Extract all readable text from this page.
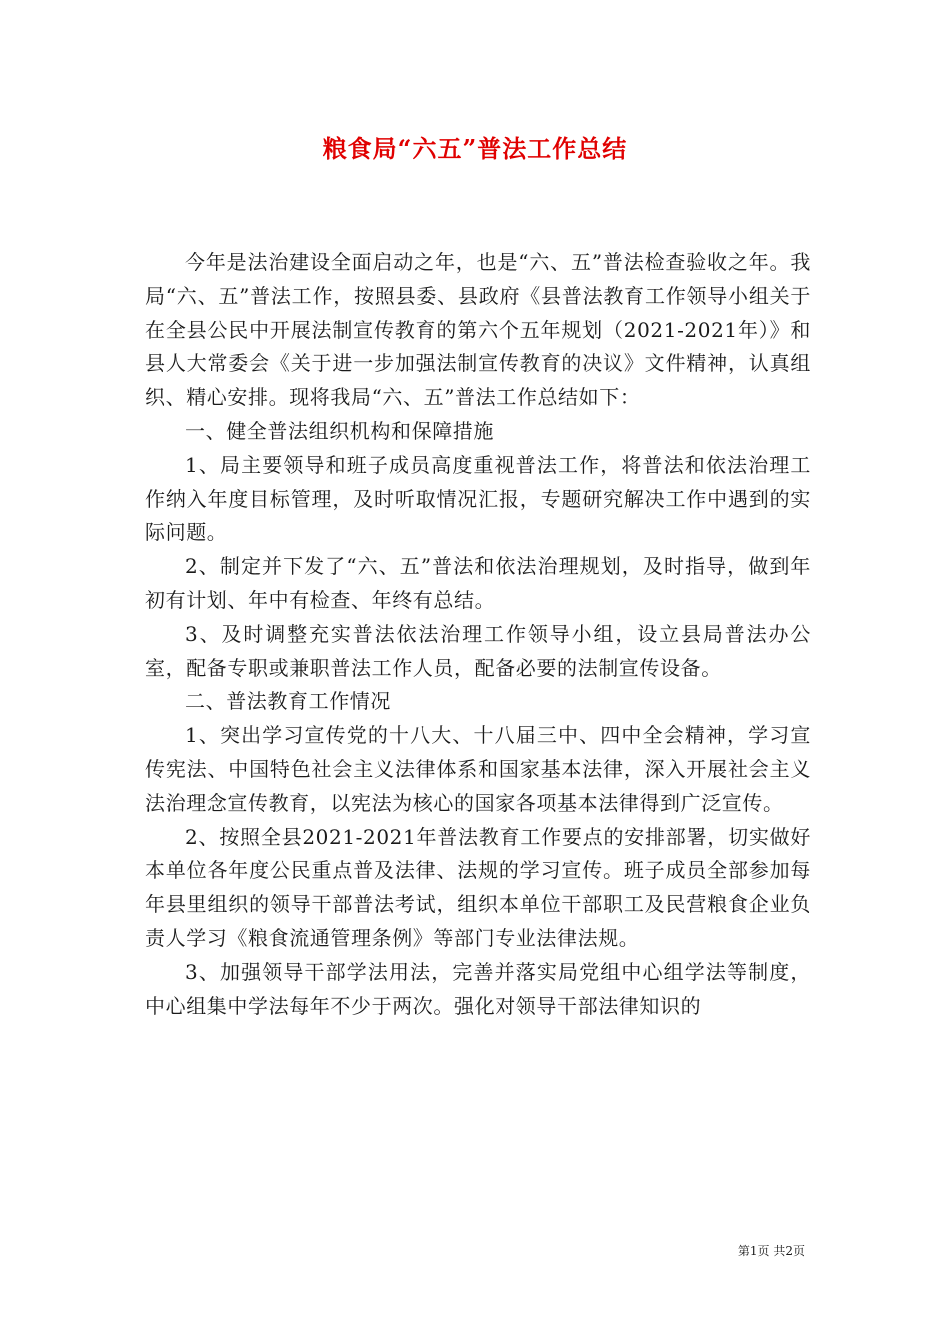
粮食局“六五”普法工作总结

今年是法治建设全面启动之年，也是“六、五”普法检查验收之年。我局“六、五”普法工作，按照县委、县政府《县普法教育工作领导小组关于在全县公民中开展法制宣传教育的第六个五年规划（2021-2021年）》和县人大常委会《关于进一步加强法制宣传教育的决议》文件精神，认真组织、精心安排。现将我局“六、五”普法工作总结如下：

一、健全普法组织机构和保障措施

1、局主要领导和班子成员高度重视普法工作，将普法和依法治理工作纳入年度目标管理，及时听取情况汇报，专题研究解决工作中遇到的实际问题。

2、制定并下发了“六、五”普法和依法治理规划，及时指导，做到年初有计划、年中有检查、年终有总结。

3、及时调整充实普法依法治理工作领导小组，设立县局普法办公室，配备专职或兼职普法工作人员，配备必要的法制宣传设备。

二、普法教育工作情况

1、突出学习宣传党的十八大、十八届三中、四中全会精神，学习宣传宪法、中国特色社会主义法律体系和国家基本法律，深入开展社会主义法治理念宣传教育，以宪法为核心的国家各项基本法律得到广泛宣传。

2、按照全县2021-2021年普法教育工作要点的安排部署，切实做好本单位各年度公民重点普及法律、法规的学习宣传。班子成员全部参加每年县里组织的领导干部普法考试，组织本单位干部职工及民营粮食企业负责人学习《粮食流通管理条例》等部门专业法律法规。

3、加强领导干部学法用法，完善并落实局党组中心组学法等制度，中心组集中学法每年不少于两次。强化对领导干部法律知识的

第1页 共2页
